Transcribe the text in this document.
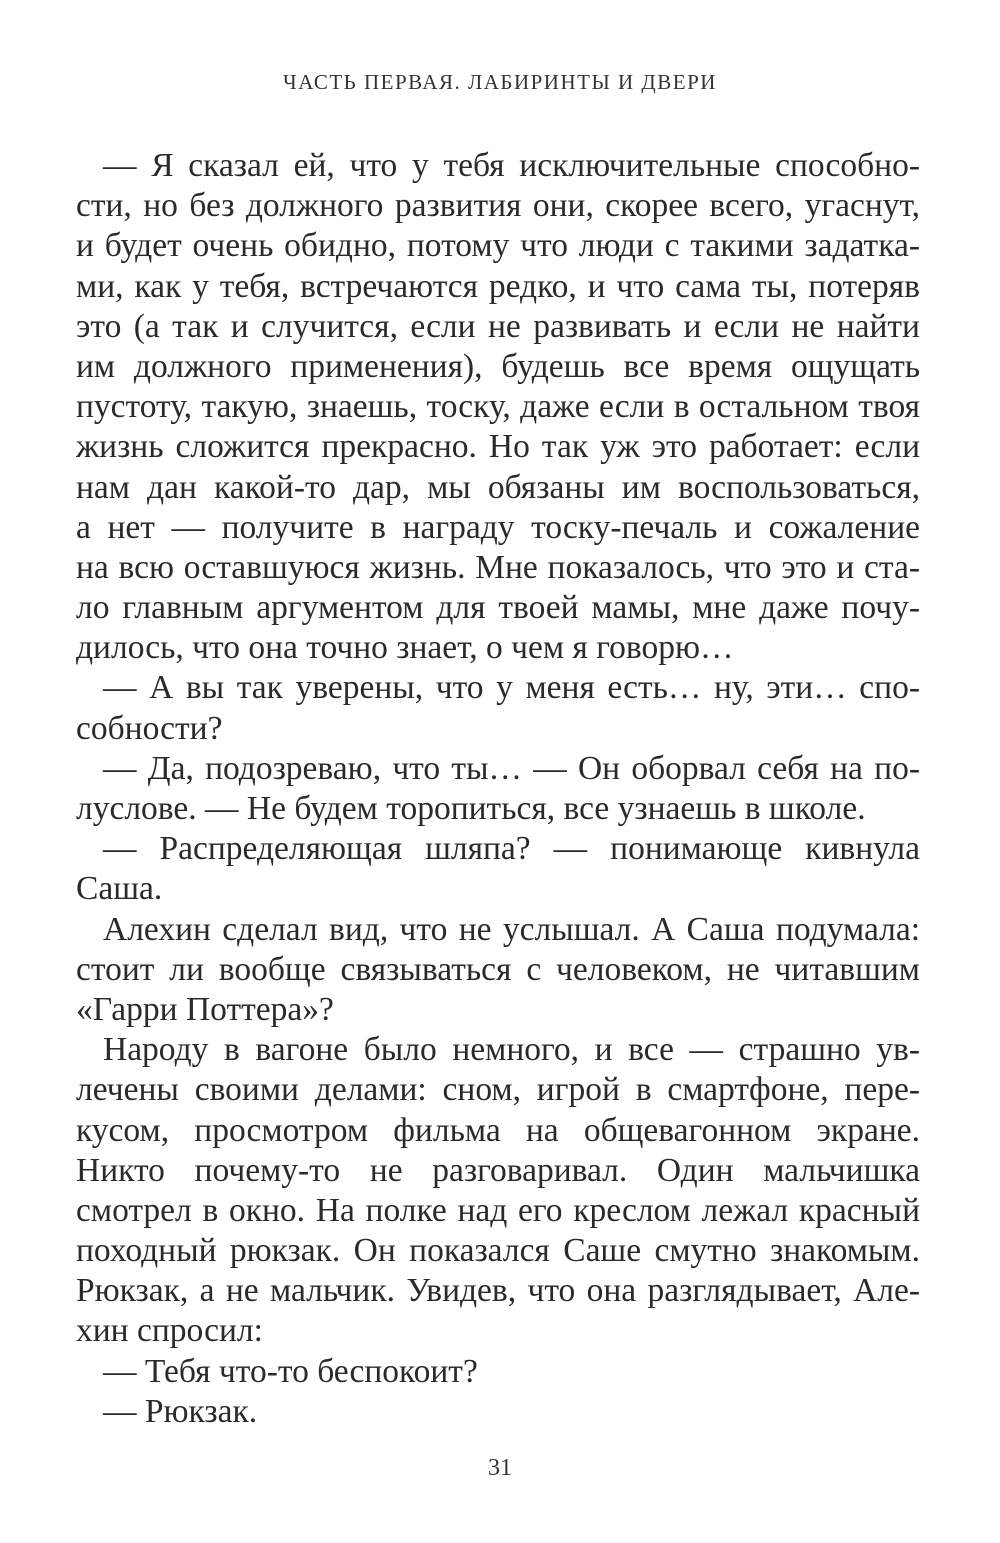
ЧАСТЬ ПЕРВАЯ. ЛАБИРИНТЫ И ДВЕРИ
— Я сказал ей, что у тебя исключительные способно-
сти, но без должного развития они, скорее всего, угаснут,
и будет очень обидно, потому что люди с такими задатка-
ми, как у тебя, встречаются редко, и что сама ты, потеряв
это (а так и случится, если не развивать и если не найти
им должного применения), будешь все время ощущать
пустоту, такую, знаешь, тоску, даже если в остальном твоя
жизнь сложится прекрасно. Но так уж это работает: если
нам дан какой-то дар, мы обязаны им воспользоваться,
а нет — получите в награду тоску-печаль и сожаление
на всю оставшуюся жизнь. Мне показалось, что это и ста-
ло главным аргументом для твоей мамы, мне даже почу-
дилось, что она точно знает, о чем я говорю…
— А вы так уверены, что у меня есть… ну, эти… спо-
собности?
— Да, подозреваю, что ты… — Он оборвал себя на по-
луслове. — Не будем торопиться, все узнаешь в школе.
— Распределяющая шляпа? — понимающе кивнула
Саша.
Алехин сделал вид, что не услышал. А Саша подумала:
стоит ли вообще связываться с человеком, не читавшим
«Гарри Поттера»?
Народу в вагоне было немного, и все — страшно ув-
лечены своими делами: сном, игрой в смартфоне, пере-
кусом, просмотром фильма на общевагонном экране.
Никто почему-то не разговаривал. Один мальчишка
смотрел в окно. На полке над его креслом лежал красный
походный рюкзак. Он показался Саше смутно знакомым.
Рюкзак, а не мальчик. Увидев, что она разглядывает, Але-
хин спросил:
— Тебя что-то беспокоит?
— Рюкзак.
31
